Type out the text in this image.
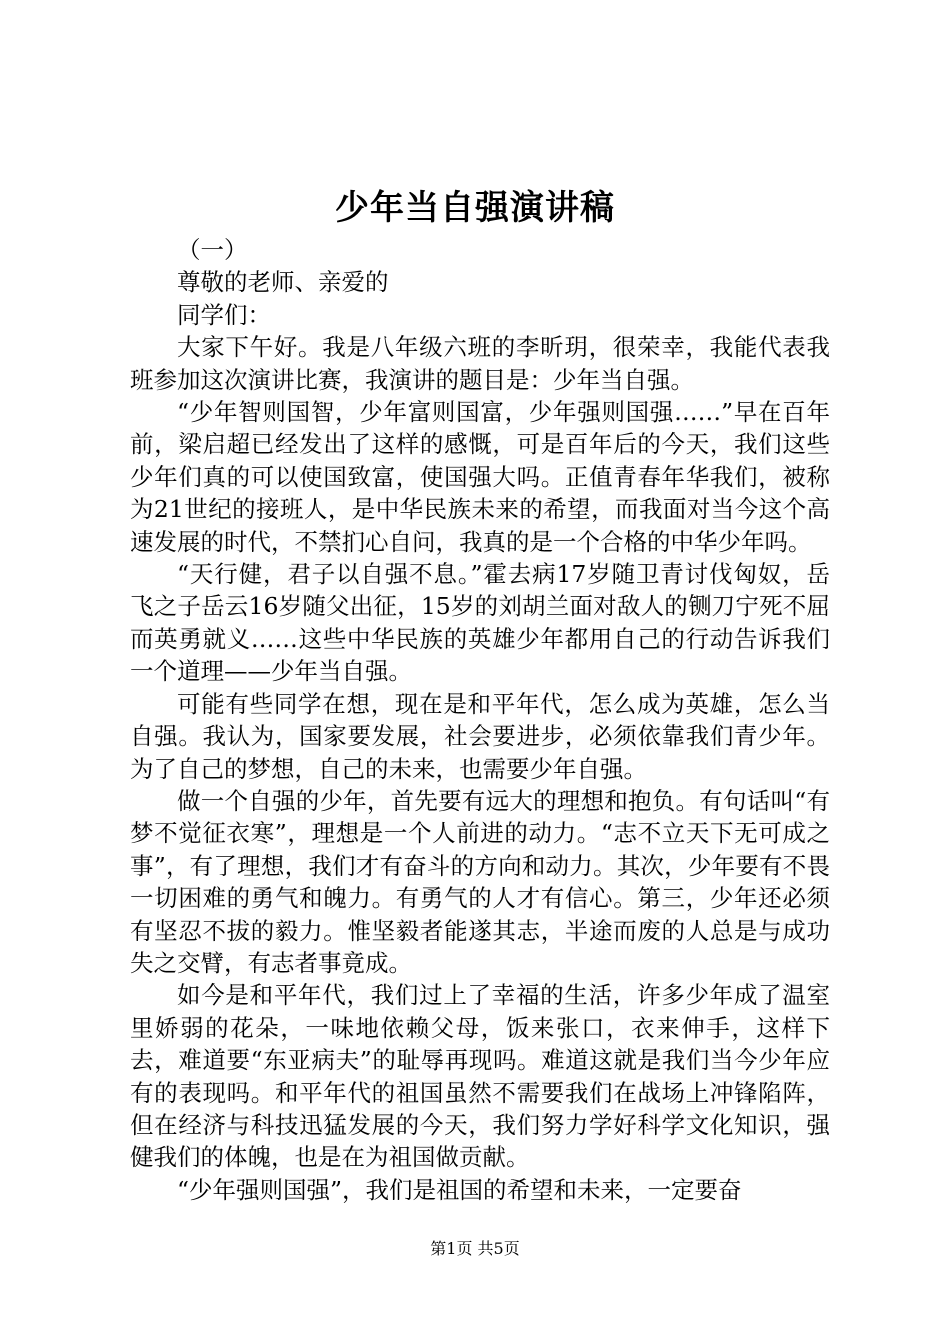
少年当自强演讲稿

（一）

尊敬的老师、亲爱的

同学们：

大家下午好。我是八年级六班的李昕玥，很荣幸，我能代表我班参加这次演讲比赛，我演讲的题目是：少年当自强。

“少年智则国智，少年富则国富，少年强则国强……”早在百年前，梁启超已经发出了这样的感慨，可是百年后的今天，我们这些少年们真的可以使国致富，使国强大吗。正值青春年华我们，被称为21世纪的接班人，是中华民族未来的希望，而我面对当今这个高速发展的时代，不禁扪心自问，我真的是一个合格的中华少年吗。

“天行健，君子以自强不息。”霍去病17岁随卫青讨伐匈奴，岳飞之子岳云16岁随父出征，15岁的刘胡兰面对敌人的铡刀宁死不屈而英勇就义……这些中华民族的英雄少年都用自己的行动告诉我们一个道理——少年当自强。

可能有些同学在想，现在是和平年代，怎么成为英雄，怎么当自强。我认为，国家要发展，社会要进步，必须依靠我们青少年。为了自己的梦想，自己的未来，也需要少年自强。

做一个自强的少年，首先要有远大的理想和抱负。有句话叫“有梦不觉征衣寒”，理想是一个人前进的动力。“志不立天下无可成之事”，有了理想，我们才有奋斗的方向和动力。其次，少年要有不畏一切困难的勇气和魄力。有勇气的人才有信心。第三，少年还必须有坚忍不拔的毅力。惟坚毅者能遂其志，半途而废的人总是与成功失之交臂，有志者事竟成。

如今是和平年代，我们过上了幸福的生活，许多少年成了温室里娇弱的花朵，一味地依赖父母，饭来张口，衣来伸手，这样下去，难道要“东亚病夫”的耻辱再现吗。难道这就是我们当今少年应有的表现吗。和平年代的祖国虽然不需要我们在战场上冲锋陷阵，但在经济与科技迅猛发展的今天，我们努力学好科学文化知识，强健我们的体魄，也是在为祖国做贡献。

“少年强则国强”，我们是祖国的希望和未来，一定要奋

第1页 共5页
